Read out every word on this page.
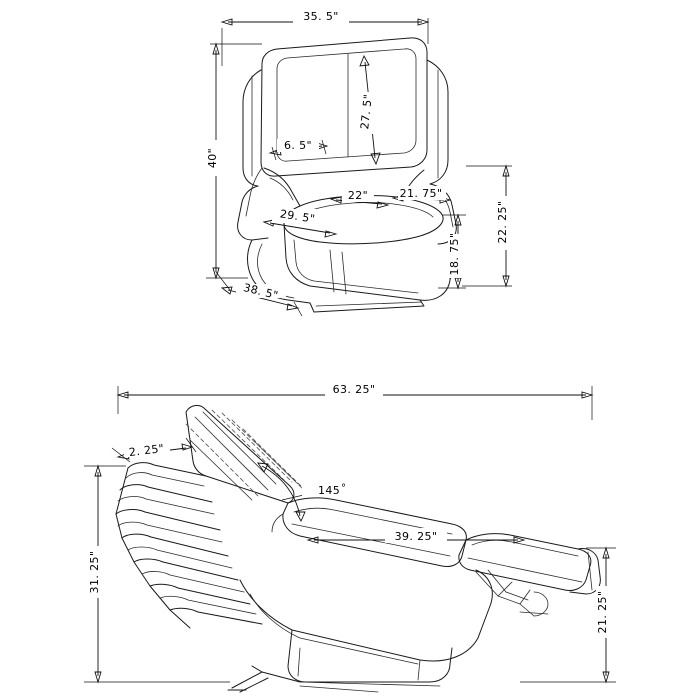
35. 5"
40"
27. 5"
6. 5"
22"	21. 75"
29. 5"	22. 25"
18. 75"
38. 5"
63. 25"
2. 25"
145 °
39. 25"
31. 25"
21. 25"
